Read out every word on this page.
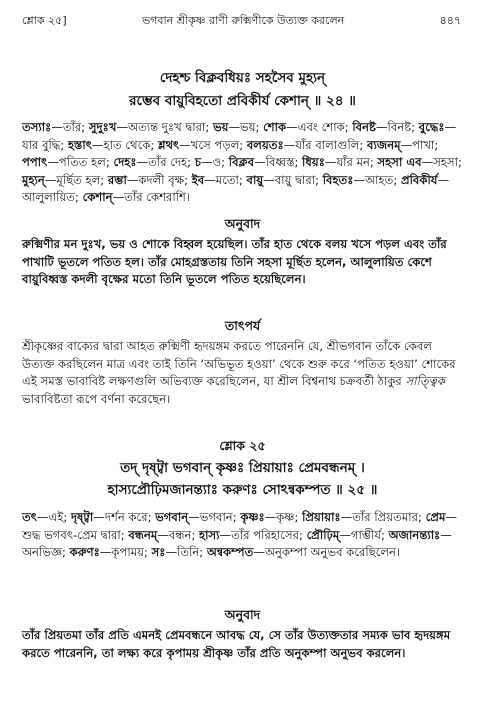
শ্লোক ২৫]	ভগবান শ্রীকৃষ্ণ রাণী রুক্মিণীকে উত্যক্ত করলেন	৪৪৭
দেহশ্চ বিক্লবধিয়ঃ সহসৈব মুহ্যন্
রম্ভেব বায়ুবিহতো প্রবিকীর্য কেশান্ ॥ ২৪ ॥
তস্যাঃ—তাঁর; সুদুঃখ—অত্যন্ত দুঃখ দ্বারা; ভয়—ভয়; শোক—এবং শোক; বিনষ্ট—বিনষ্ট; বুদ্ধেঃ—যার বুদ্ধি; হস্তাৎ—হাত থেকে; শ্লথৎ—খসে পড়ল; বলয়তঃ—যাঁর বালাগুলি; ব্যজনম্—পাখা; পপাৎ—পতিত হল; দেহঃ—তাঁর দেহ; চ—ও; বিক্লব—বিধ্বস্ত; ধিয়ঃ—যাঁর মন; সহসা এব—সহসা; মুহ্যন্—মূর্ছিত হল; রম্ভা—কদলী বৃক্ষ; ইব—মতো; বায়ু—বায়ু দ্বারা; বিহতঃ—আহত; প্রবিকীর্য—আলুলায়িত; কেশান্—তাঁর কেশরাশি।
অনুবাদ
রুক্মিণীর মন দুঃখ, ভয় ও শোকে বিহ্বল হয়েছিল। তাঁর হাত থেকে বলয় খসে পড়ল এবং তাঁর পাখাটি ভূতলে পতিত হল। তাঁর মোহগ্রস্ততায় তিনি সহসা মূর্ছিত হলেন, আলুলায়িত কেশে বায়ুবিধ্বস্ত কদলী বৃক্ষের মতো তিনি ভূতলে পতিত হয়েছিলেন।
তাৎপর্য
শ্রীকৃষ্ণের বাক্যের দ্বারা আহত রুক্মিণী হৃদয়ঙ্গম করতে পারেননি যে, শ্রীভগবান তাঁকে কেবল উত্যক্ত করছিলেন মাত্র এবং তাই তিনি ‘অভিভূত হওয়া’ থেকে শুরু করে ‘পতিত হওয়া’ শোকের এই সমস্ত ভাবাবিষ্ট লক্ষণগুলি অভিব্যক্ত করেছিলেন, যা শ্রীল বিশ্বনাথ চক্রবর্তী ঠাকুর সাত্ত্বিক ভাবাবিষ্টতা রূপে বর্ণনা করেছেন।
শ্লোক ২৫
তদ্ দৃষ্ট্বা ভগবান্ কৃষ্ণঃ প্রিয়ায়াঃ প্রেমবন্ধনম্ ।
হাস্যপ্রৌঢ়িমজানন্ত্যাঃ করুণঃ সোঽন্বকম্পত ॥ ২৫ ॥
তৎ—এই; দৃষ্ট্বা—দর্শন করে; ভগবান্—ভগবান; কৃষ্ণঃ—কৃষ্ণ; প্রিয়ায়াঃ—তাঁর প্রিয়তমার; প্রেম—শুদ্ধ ভগবৎ-প্রেম দ্বারা; বন্ধনম্—বন্ধন; হাস্য—তাঁর পরিহাসের; প্রৌঢ়িম্—গাম্ভীর্য; অজানন্ত্যাঃ—অনভিজ্ঞ; করুণঃ—কৃপাময়; সঃ—তিনি; অন্বকম্পত—অনুকম্পা অনুভব করেছিলেন।
অনুবাদ
তাঁর প্রিয়তমা তাঁর প্রতি এমনই প্রেমবন্ধনে আবদ্ধ যে, সে তাঁর উত্যক্ততার সম্যক ভাব হৃদয়ঙ্গম করতে পারেননি, তা লক্ষ্য করে কৃপাময় শ্রীকৃষ্ণ তাঁর প্রতি অনুকম্পা অনুভব করলেন।
